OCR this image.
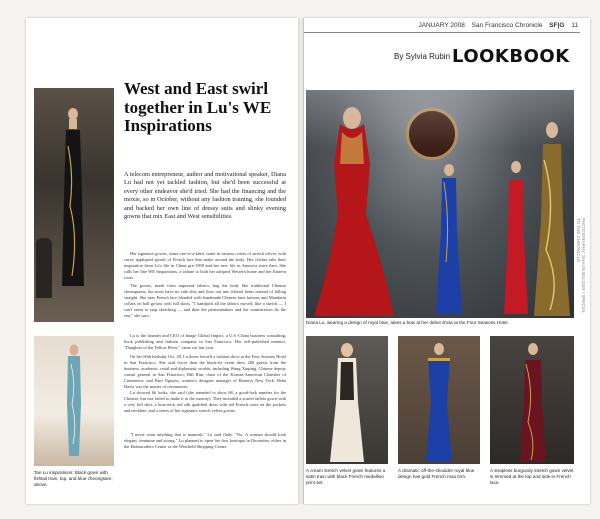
Tan Lu inspirations: Black gown with fishtail train, top, and blue cheongsam, above.

West and East swirl together in Lu's WE Inspirations

A telecom entrepreneur, author and motivational speaker, Diana Lu had not yet tackled fashion, but she'd been successful at every other endeavor she'd tried. She had the financing and the moxie, so in October, without any fashion training, she founded and backed her own line of dressy suits and slinky evening gowns that mix East and West sensibilities.

Her signature gowns, some one-of-a-kind, come in various colors of stretch velvet, with curvy appliqued spirals of French lace that snake around the body. Her clothes take their inspiration from Lu's life in China pre-1990 and her new life in America since then. She calls her line WE Inspirations, a tribute to both her adopted Western home and her Eastern roots.

The gowns, made from imported fabrics, hug the body like traditional Chinese cheongsams, but most have no side slits and flow out into fishtail hems instead of falling straight. She uses French lace blended with handmade Chinese knot buttons and Mandarin collars on ball gowns with full skirts. "I handpick all the fabrics myself, like a sketch — I can't seem to stop sketching — and then the patternmakers and the seamstresses do the rest," she says.

Lu is the founder and CEO of Image Global Impact, a U.S.-China business consulting, book publishing and fashion company in San Francisco. Her self-published memoir, "Daughter of the Yellow River," came out last year.

On her 60th birthday Oct. 28, Lu threw herself a fashion show at the Four Seasons Hotel in San Francisco. She said fewer than the black-tie event drew 200 guests from the business, academic, retail and diplomatic worlds, including Wang Xinping, Chinese deputy consul general in San Francisco; Bill Rim, chair of the Korean-American Chamber of Commerce; and Pam Nguyen, women's designer manager of Barneys New York. Beha Davis was the master of ceremonies.

Lu showed 66 looks, she said (she intended to show 68, a good-luck number for the Chinese, but one failed to make it to the runway). They included a scarlet taffeta gown with a very full skirt, a boat-neck red silk qualified dress with red French roses on the pockets and neckline, and a series of her signature stretch velvet gowns.

"I never wear anything that is mannish," Lu said flatly. "No. A woman should look elegant, feminine and strong." Lu planned to open her first boutique in December, either in the Embarcadero Center or the Westfield Shopping Center.

JANUARY 2008 San Francisco Chronicle SF|G 11
By Sylvia Rubin LOOKBOOK
PHOTOGRAPHY: SHAUN BULGER / SPECIAL TO THE CHRONICLE

Diana Lu, wearing a design of royal blue, takes a bow at her debut show at the Four Seasons Hotel.

A cream stretch velvet gown features a satin train with black French medallion print set.

A dramatic off-the-shoulder royal blue design has gold French rosa trim.

A strapless burgundy stretch gown velvet is trimmed at the top and side in French lace.
